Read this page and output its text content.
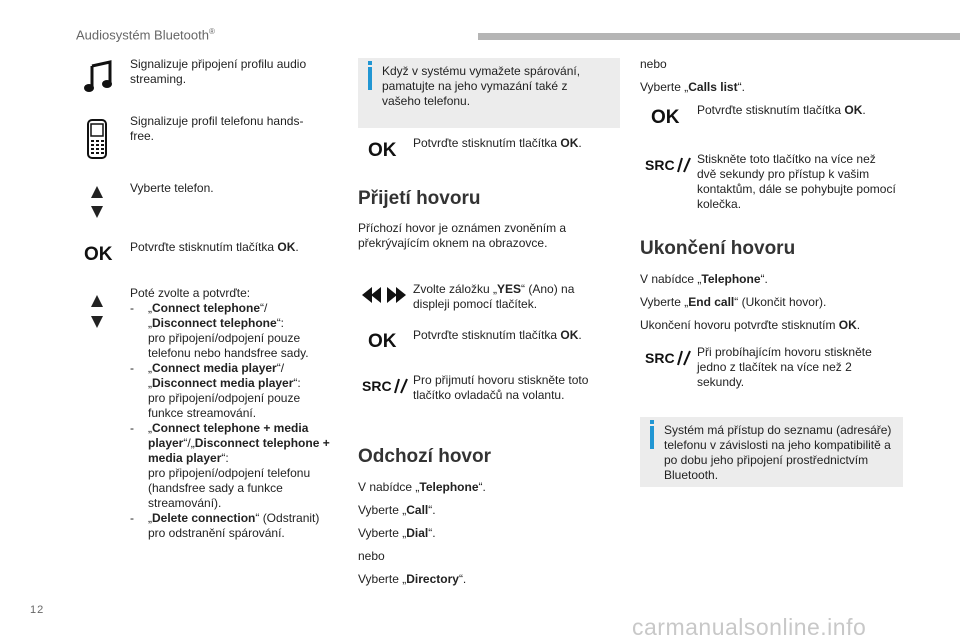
Audiosystém Bluetooth®
Signalizuje připojení profilu audio streaming.
Signalizuje profil telefonu hands-free.
Vyberte telefon.
OK Potvrďte stisknutím tlačítka OK.
Poté zvolte a potvrďte:
- „Connect telephone“/
„Disconnect telephone“:
pro připojení/odpojení pouze telefonu nebo handsfree sady.
- „Connect media player“/
„Disconnect media player“:
pro připojení/odpojení pouze funkce streamování.
- „Connect telephone + media player“/„Disconnect telephone + media player“:
pro připojení/odpojení telefonu (handsfree sady a funkce streamování).
- „Delete connection“ (Odstranit) pro odstranění spárování.
Když v systému vymažete spárování, pamatujte na jeho vymazání také z vašeho telefonu.
OK Potvrďte stisknutím tlačítka OK.
Přijetí hovoru
Příchozí hovor je oznámen zvoněním a překrývajícím oknem na obrazovce.
Zvolte záložku „YES“ (Ano) na displeji pomocí tlačítek.
OK Potvrďte stisknutím tlačítka OK.
SRC Pro přijmutí hovoru stiskněte toto tlačítko ovladačů na volantu.
Odchozí hovor
V nabídce „Telephone“.
Vyberte „Call“.
Vyberte „Dial“.
nebo
Vyberte „Directory“.
nebo
Vyberte „Calls list“.
OK Potvrďte stisknutím tlačítka OK.
SRC Stiskněte toto tlačítko na více než dvě sekundy pro přístup k vašim kontaktům, dále se pohybujte pomocí kolečka.
Ukončení hovoru
V nabídce „Telephone“.
Vyberte „End call“ (Ukončit hovor).
Ukončení hovoru potvrďte stisknutím OK.
SRC Při probíhajícím hovoru stiskněte jedno z tlačítek na více než 2 sekundy.
Systém má přístup do seznamu (adresáře) telefonu v závislosti na jeho kompatibilitě a po dobu jeho připojení prostřednictvím Bluetooth.
12
carmanualsonline.info
